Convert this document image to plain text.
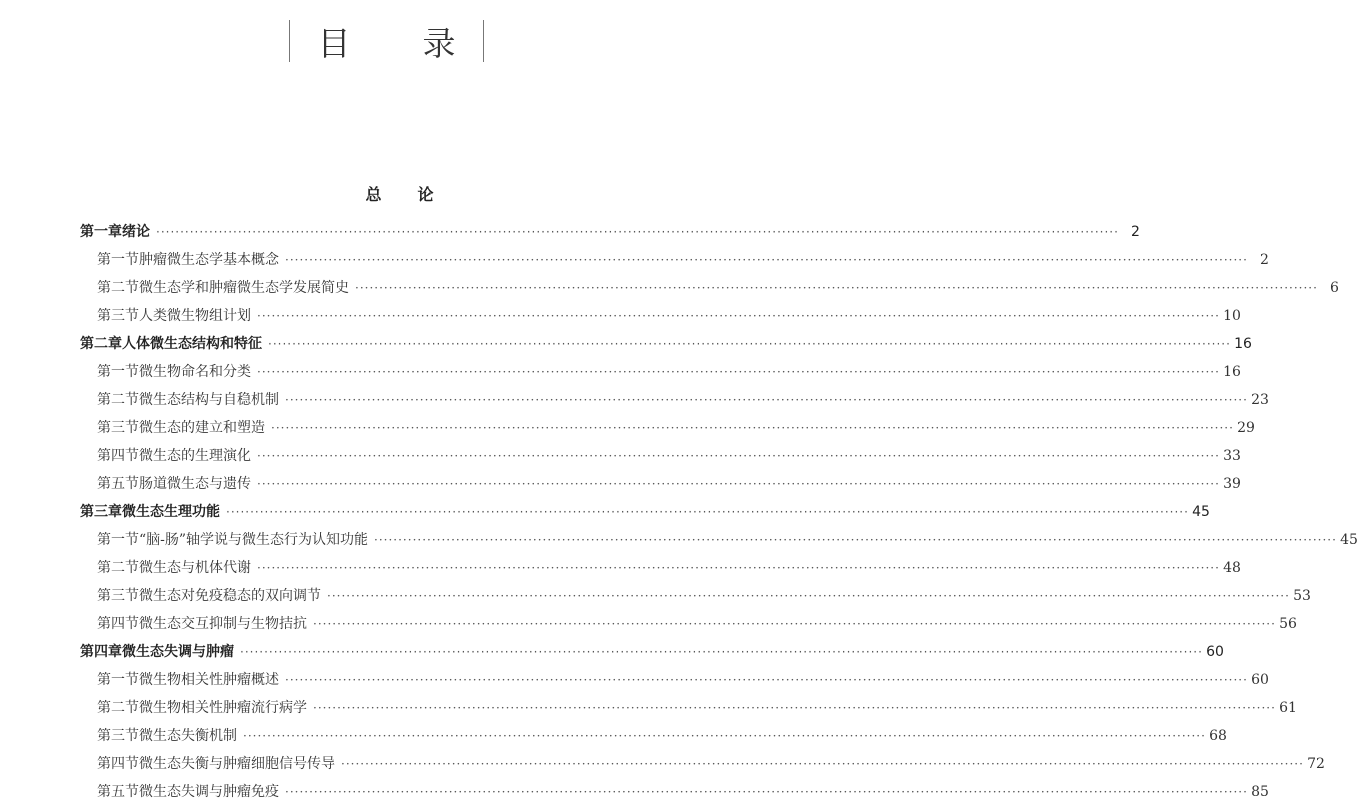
目 录
总论
第一章 绪论 ········································································································································································································ 2
第一节 肿瘤微生态学基本概念 ········································································································································································································ 2
第二节 微生态学和肿瘤微生态学发展简史 ········································································································································································································ 6
第三节 人类微生物组计划 ········································································································································································································ 10
第二章 人体微生态结构和特征 ········································································································································································································ 16
第一节 微生物命名和分类 ········································································································································································································ 16
第二节 微生态结构与自稳机制 ········································································································································································································ 23
第三节 微生态的建立和塑造 ········································································································································································································ 29
第四节 微生态的生理演化 ········································································································································································································ 33
第五节 肠道微生态与遗传 ········································································································································································································ 39
第三章 微生态生理功能 ········································································································································································································ 45
第一节 “脑-肠”轴学说与微生态行为认知功能 ········································································································································································································ 45
第二节 微生态与机体代谢 ········································································································································································································ 48
第三节 微生态对免疫稳态的双向调节 ········································································································································································································ 53
第四节 微生态交互抑制与生物拮抗 ········································································································································································································ 56
第四章 微生态失调与肿瘤 ········································································································································································································ 60
第一节 微生物相关性肿瘤概述 ········································································································································································································ 60
第二节 微生物相关性肿瘤流行病学 ········································································································································································································ 61
第三节 微生态失衡机制 ········································································································································································································ 68
第四节 微生态失衡与肿瘤细胞信号传导 ········································································································································································································ 72
第五节 微生态失调与肿瘤免疫 ········································································································································································································ 85
